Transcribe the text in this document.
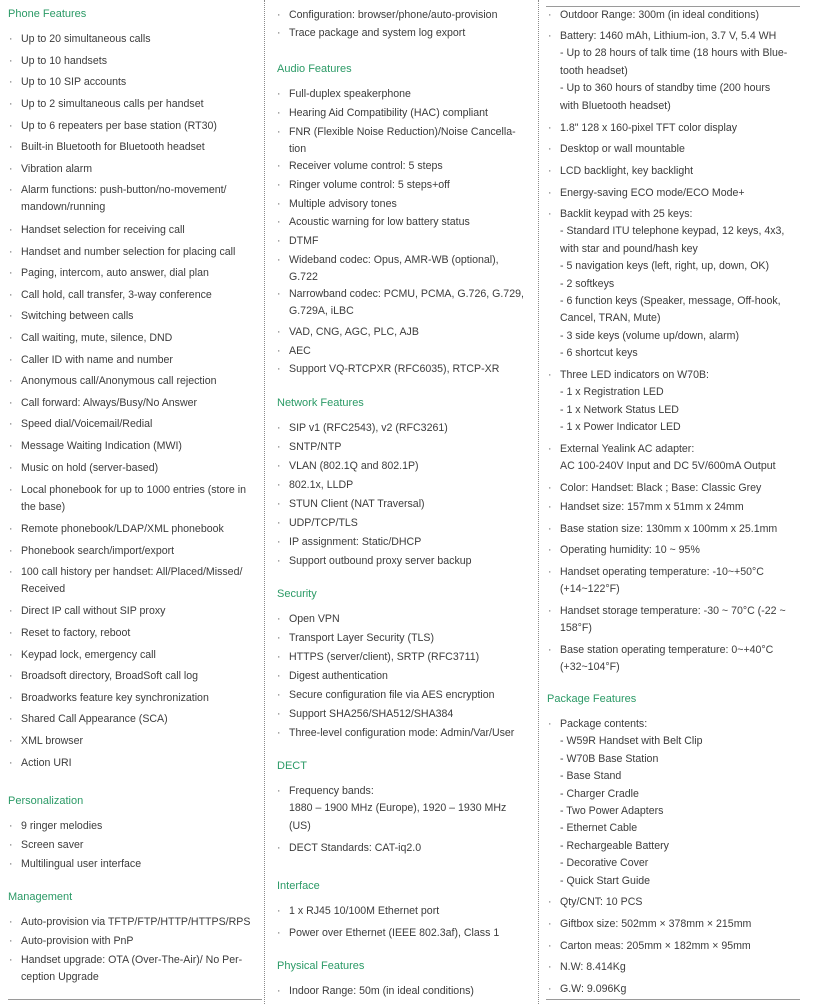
Phone Features
· Up to 20 simultaneous calls
· Up to 10 handsets
· Up to 10 SIP accounts
· Up to 2 simultaneous calls per handset
· Up to 6 repeaters per base station (RT30)
· Built-in Bluetooth for Bluetooth headset
· Vibration alarm
· Alarm functions: push-button/no-movement/
mandown/running
· Handset selection for receiving call
· Handset and number selection for placing call
· Paging, intercom, auto answer, dial plan
· Call hold, call transfer, 3-way conference
· Switching between calls
· Call waiting, mute, silence, DND
· Caller ID with name and number
· Anonymous call/Anonymous call rejection
· Call forward: Always/Busy/No Answer
· Speed dial/Voicemail/Redial
· Message Waiting Indication (MWI)
· Music on hold (server-based)
· Local phonebook for up to 1000 entries (store in
the base)
· Remote phonebook/LDAP/XML phonebook
· Phonebook search/import/export
· 100 call history per handset: All/Placed/Missed/
Received
· Direct IP call without SIP proxy
· Reset to factory, reboot
· Keypad lock, emergency call
· Broadsoft directory, BroadSoft call log
· Broadworks feature key synchronization
· Shared Call Appearance (SCA)
· XML browser
· Action URI
Personalization
· 9 ringer melodies
· Screen saver
· Multilingual user interface
Management
· Auto-provision via TFTP/FTP/HTTP/HTTPS/RPS
· Auto-provision with PnP
· Handset upgrade: OTA (Over-The-Air)/ No Per-
ception Upgrade
· Configuration: browser/phone/auto-provision
· Trace package and system log export
Audio Features
· Full-duplex speakerphone
· Hearing Aid Compatibility (HAC) compliant
· FNR (Flexible Noise Reduction)/Noise Cancella-
tion
· Receiver volume control: 5 steps
· Ringer volume control: 5 steps+off
· Multiple advisory tones
· Acoustic warning for low battery status
· DTMF
· Wideband codec: Opus, AMR-WB (optional),
G.722
· Narrowband codec: PCMU, PCMA, G.726, G.729,
G.729A, iLBC
· VAD, CNG, AGC, PLC, AJB
· AEC
· Support VQ-RTCPXR (RFC6035), RTCP-XR
Network Features
· SIP v1 (RFC2543), v2 (RFC3261)
· SNTP/NTP
· VLAN (802.1Q and 802.1P)
· 802.1x, LLDP
· STUN Client (NAT Traversal)
· UDP/TCP/TLS
· IP assignment: Static/DHCP
· Support outbound proxy server backup
Security
· Open VPN
· Transport Layer Security (TLS)
· HTTPS (server/client), SRTP (RFC3711)
· Digest authentication
· Secure configuration file via AES encryption
· Support SHA256/SHA512/SHA384
· Three-level configuration mode: Admin/Var/User
DECT
· Frequency bands:
1880 – 1900 MHz (Europe), 1920 – 1930 MHz
(US)
· DECT Standards: CAT-iq2.0
Interface
· 1 x RJ45 10/100M Ethernet port
· Power over Ethernet (IEEE 802.3af), Class 1
Physical Features
· Indoor Range: 50m (in ideal conditions)
· Outdoor Range: 300m (in ideal conditions)
· Battery: 1460 mAh, Lithium-ion, 3.7 V, 5.4 WH
- Up to 28 hours of talk time (18 hours with Blue-
tooth headset)
- Up to 360 hours of standby time (200 hours
with Bluetooth headset)
· 1.8" 128 x 160-pixel TFT color display
· Desktop or wall mountable
· LCD backlight, key backlight
· Energy-saving ECO mode/ECO Mode+
· Backlit keypad with 25 keys:
- Standard ITU telephone keypad, 12 keys, 4x3,
with star and pound/hash key
- 5 navigation keys (left, right, up, down, OK)
- 2 softkeys
- 6 function keys (Speaker, message, Off-hook,
Cancel, TRAN, Mute)
- 3 side keys (volume up/down, alarm)
- 6 shortcut keys
· Three LED indicators on W70B:
- 1 x Registration LED
- 1 x Network Status LED
- 1 x Power Indicator LED
· External Yealink AC adapter:
AC 100-240V Input and DC 5V/600mA Output
· Color: Handset: Black ; Base: Classic Grey
· Handset size: 157mm x 51mm x 24mm
· Base station size: 130mm x 100mm x 25.1mm
· Operating humidity: 10 ~ 95%
· Handset operating temperature: -10~+50°C
(+14~122°F)
· Handset storage temperature: -30 ~ 70°C (-22 ~
158°F)
· Base station operating temperature: 0~+40°C
(+32~104°F)
Package Features
· Package contents:
- W59R Handset with Belt Clip
- W70B Base Station
- Base Stand
- Charger Cradle
- Two Power Adapters
- Ethernet Cable
- Rechargeable Battery
- Decorative Cover
- Quick Start Guide
· Qty/CNT: 10 PCS
· Giftbox size: 502mm × 378mm × 215mm
· Carton meas: 205mm × 182mm × 95mm
· N.W: 8.414Kg
· G.W: 9.096Kg
